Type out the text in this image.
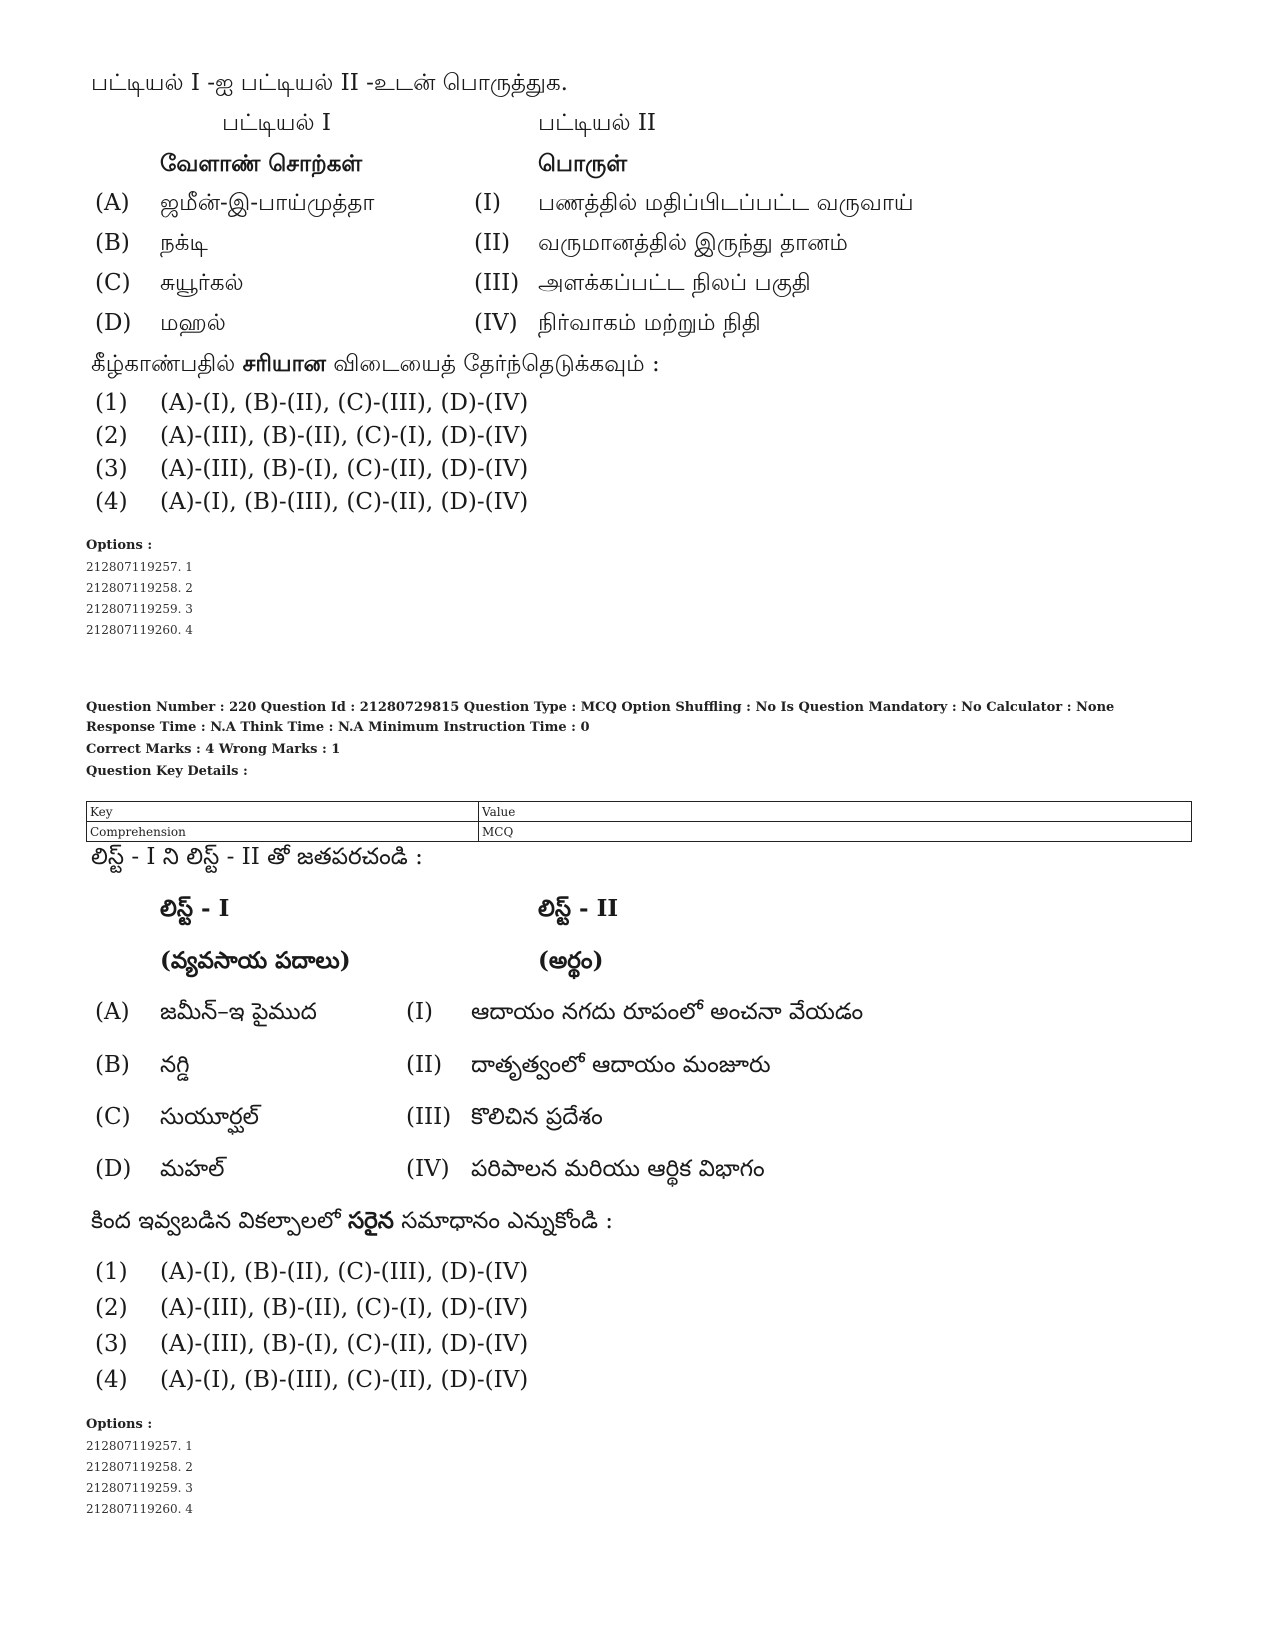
பட்டியல் I -ஐ பட்டியல் II -உடன் பொருத்துக.
பட்டியல் I	பட்டியல் II
வேளாண் சொற்கள்	பொருள்
(A) ஜமீன்-இ-பாய்முத்தா	(I) பணத்தில் மதிப்பிடப்பட்ட வருவாய்
(B) நக்டி	(II) வருமானத்தில் இருந்து தானம்
(C) சுயூர்கல்	(III) அளக்கப்பட்ட நிலப் பகுதி
(D) மஹல்	(IV) நிர்வாகம் மற்றும் நிதி
கீழ்காண்பதில் சரியான விடையைத் தேர்ந்தெடுக்கவும் :
(1) (A)-(I), (B)-(II), (C)-(III), (D)-(IV)
(2) (A)-(III), (B)-(II), (C)-(I), (D)-(IV)
(3) (A)-(III), (B)-(I), (C)-(II), (D)-(IV)
(4) (A)-(I), (B)-(III), (C)-(II), (D)-(IV)
Options :
212807119257. 1
212807119258. 2
212807119259. 3
212807119260. 4
Question Number : 220 Question Id : 21280729815 Question Type : MCQ Option Shuffling : No Is Question Mandatory : No Calculator : None
Response Time : N.A Think Time : N.A Minimum Instruction Time : 0
Correct Marks : 4 Wrong Marks : 1
Question Key Details :
Key	Value
Comprehension	MCQ
లిస్ట్ - I ని లిస్ట్ - II తో జతపరచండి :
లిస్ట్ - I	లిస్ట్ - II
(వ్యవసాయ పదాలు)	(అర్థం)
(A) జమీన్–ఇ పైముద	(I) ఆదాయం నగదు రూపంలో అంచనా వేయడం
(B) నగ్డి	(II) దాతృత్వంలో ఆదాయం మంజూరు
(C) సుయూర్ఘల్	(III) కొలిచిన ప్రదేశం
(D) మహల్	(IV) పరిపాలన మరియు ఆర్థిక విభాగం
కింద ఇవ్వబడిన వికల్పాలలో సరైన సమాధానం ఎన్నుకోండి :
(1) (A)-(I), (B)-(II), (C)-(III), (D)-(IV)
(2) (A)-(III), (B)-(II), (C)-(I), (D)-(IV)
(3) (A)-(III), (B)-(I), (C)-(II), (D)-(IV)
(4) (A)-(I), (B)-(III), (C)-(II), (D)-(IV)
Options :
212807119257. 1
212807119258. 2
212807119259. 3
212807119260. 4
